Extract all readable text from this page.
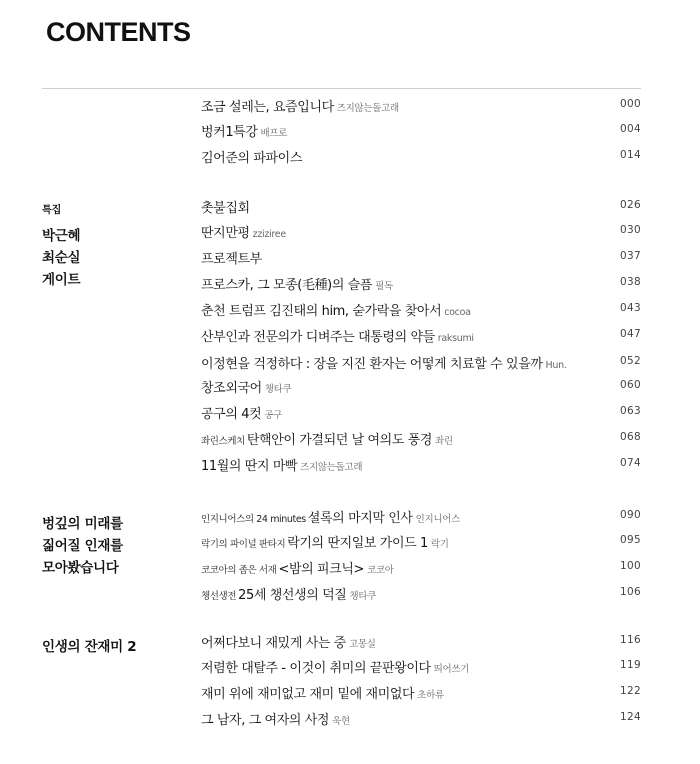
CONTENTS
조금 설레는, 요즘입니다 즈지않는돌고래	000
벙커1특강 배프로	004
김어준의 파파이스	014
특집
박근혜
최순실
게이트
촛불집회	026
딴지만평 zziziree	030
프로젝트부	037
프로스카, 그 모종(毛種)의 슬픔 필독	038
춘천 트럼프 김진태의 him, 숟가락을 찾아서 cocoa	043
산부인과 전문의가 디벼주는 대통령의 약들 raksumi	047
이정현을 걱정하다 : 장을 지진 환자는 어떻게 치료할 수 있을까 Hun.	052
창조외국어 챙타쿠	060
공구의 4컷 공구	063
좌린스케치 탄핵안이 가결되던 날 여의도 풍경 좌린	068
11월의 딴지 마빡 즈지않는돌고래	074
벙깊의 미래를
짊어질 인재를
모아봤습니다
인지니어스의 24 minutes 셜록의 마지막 인사 인지니어스	090
락기의 파이널 판타지 락기의 딴지일보 가이드 1 락기	095
코코아의 좁은 서재 <밤의 피크닉> 코코아	100
챙선생전 25세 챙선생의 덕질 챙타쿠	106
인생의 잔재미 2	어쩌다보니 재밌게 사는 중 고몽실	116
저렴한 대탈주 - 이것이 취미의 끝판왕이다 띄어쓰기	119
재미 위에 재미없고 재미 밑에 재미없다 초하류	122
그 남자, 그 여자의 사정 욱현	124
